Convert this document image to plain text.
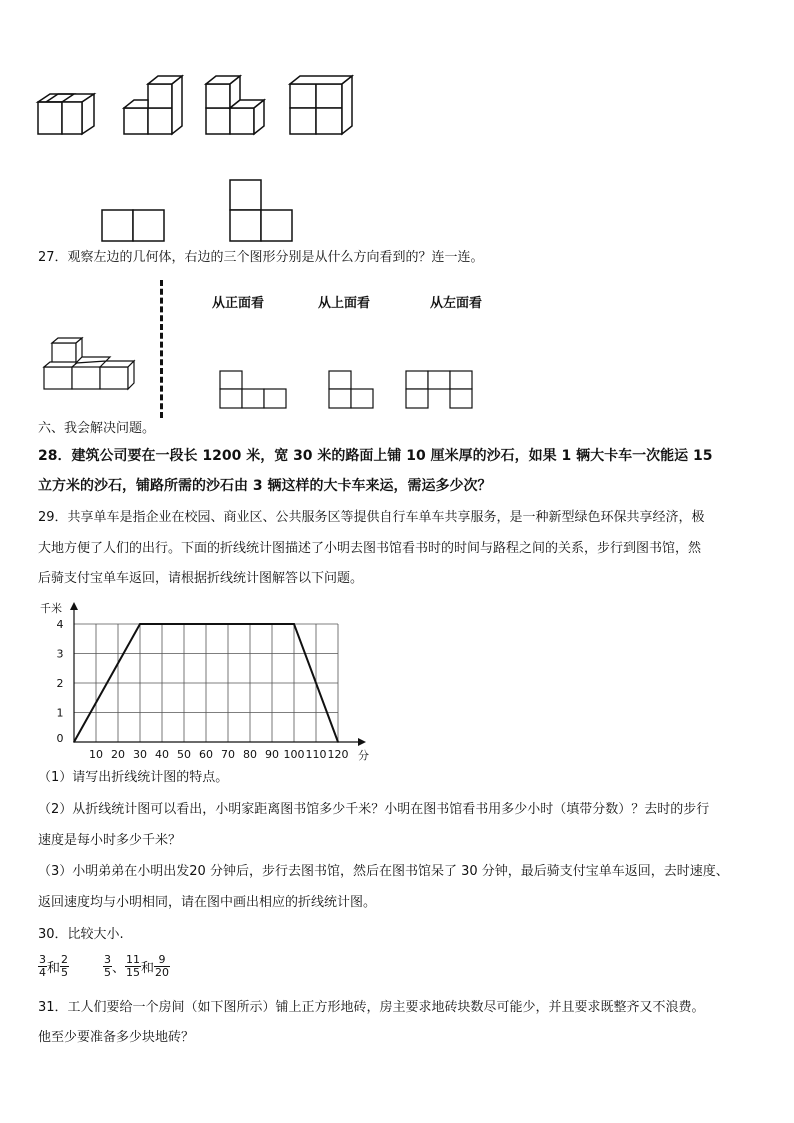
27．观察左边的几何体，右边的三个图形分别是从什么方向看到的？连一连。
从正面看	从上面看	从左面看
六、我会解决问题。
28．建筑公司要在一段长 1200 米，宽 30 米的路面上铺 10 厘米厚的沙石，如果 1 辆大卡车一次能运 15
立方米的沙石，铺路所需的沙石由 3 辆这样的大卡车来运，需运多少次？
29．共享单车是指企业在校园、商业区、公共服务区等提供自行车单车共享服务，是一种新型绿色环保共享经济，极
大地方便了人们的出行。下面的折线统计图描述了小明去图书馆看书时的时间与路程之间的关系，步行到图书馆，然
后骑支付宝单车返回，请根据折线统计图解答以下问题。
10 20 30 40 50 60 70 80 90 100 110 120
0
1
2
3
4
千米
分
（1）请写出折线统计图的特点。
（2）从折线统计图可以看出，小明家距离图书馆多少千米？小明在图书馆看书用多少小时（填带分数）？去时的步行
速度是每小时多少千米？
（3）小明弟弟在小明出发20 分钟后，步行去图书馆，然后在图书馆呆了 30 分钟，最后骑支付宝单车返回，去时速度、
返回速度均与小明相同，请在图中画出相应的折线统计图。
30．比较大小.
$\frac{3}{4}$ 和 $\frac{2}{5}$	$\frac{3}{5}$ 、 $\frac{11}{15}$ 和 $\frac{9}{20}$
31．工人们要给一个房间（如下图所示）铺上正方形地砖，房主要求地砖块数尽可能少，并且要求既整齐又不浪费。
他至少要准备多少块地砖？
